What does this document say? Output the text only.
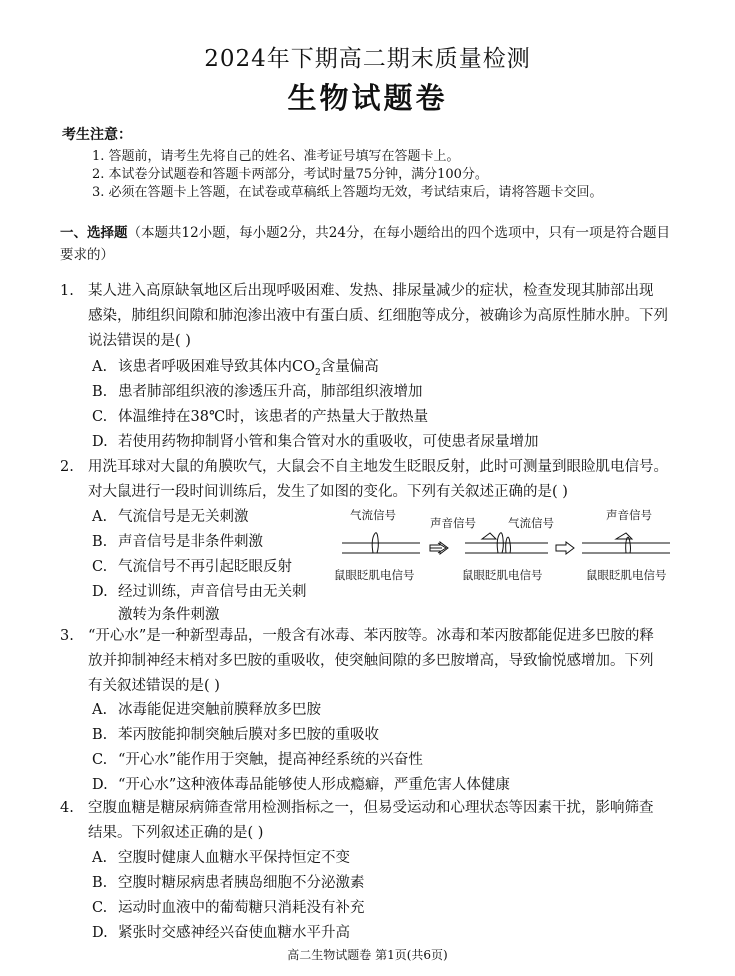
2024年下期高二期末质量检测
生物试题卷
考生注意：
1. 答题前，请考生先将自己的姓名、准考证号填写在答题卡上。
2. 本试卷分试题卷和答题卡两部分，考试时量75分钟，满分100分。
3. 必须在答题卡上答题，在试卷或草稿纸上答题均无效，考试结束后，请将答题卡交回。
一、选择题（本题共12小题，每小题2分，共24分，在每小题给出的四个选项中，只有一项是符合题目要求的）
1. 某人进入高原缺氧地区后出现呼吸困难、发热、排尿量减少的症状，检查发现其肺部出现
感染，肺组织间隙和肺泡渗出液中有蛋白质、红细胞等成分，被确诊为高原性肺水肿。下列
说法错误的是( )
A. 该患者呼吸困难导致其体内$CO_2$含量偏高
B. 患者肺部组织液的渗透压升高，肺部组织液增加
C. 体温维持在38℃时，该患者的产热量大于散热量
D. 若使用药物抑制肾小管和集合管对水的重吸收，可使患者尿量增加
2. 用洗耳球对大鼠的角膜吹气，大鼠会不自主地发生眨眼反射，此时可测量到眼睑肌电信号。
对大鼠进行一段时间训练后，发生了如图的变化。下列有关叙述正确的是( )
A. 气流信号是无关刺激
B. 声音信号是非条件刺激
C. 气流信号不再引起眨眼反射
D. 经过训练，声音信号由无关刺
激转为条件刺激
气流信号
鼠眼眨肌电信号
声音信号	气流信号
鼠眼眨肌电信号
声音信号
鼠眼眨肌电信号
3. “开心水”是一种新型毒品，一般含有冰毒、苯丙胺等。冰毒和苯丙胺都能促进多巴胺的释
放并抑制神经末梢对多巴胺的重吸收，使突触间隙的多巴胺增高，导致愉悦感增加。下列
有关叙述错误的是( )
A. 冰毒能促进突触前膜释放多巴胺
B. 苯丙胺能抑制突触后膜对多巴胺的重吸收
C. “开心水”能作用于突触，提高神经系统的兴奋性
D. “开心水”这种液体毒品能够使人形成瘾癖，严重危害人体健康
4. 空腹血糖是糖尿病筛查常用检测指标之一，但易受运动和心理状态等因素干扰，影响筛查
结果。下列叙述正确的是( )
A. 空腹时健康人血糖水平保持恒定不变
B. 空腹时糖尿病患者胰岛细胞不分泌激素
C. 运动时血液中的葡萄糖只消耗没有补充
D. 紧张时交感神经兴奋使血糖水平升高
高二生物试题卷 第1页(共6页)
